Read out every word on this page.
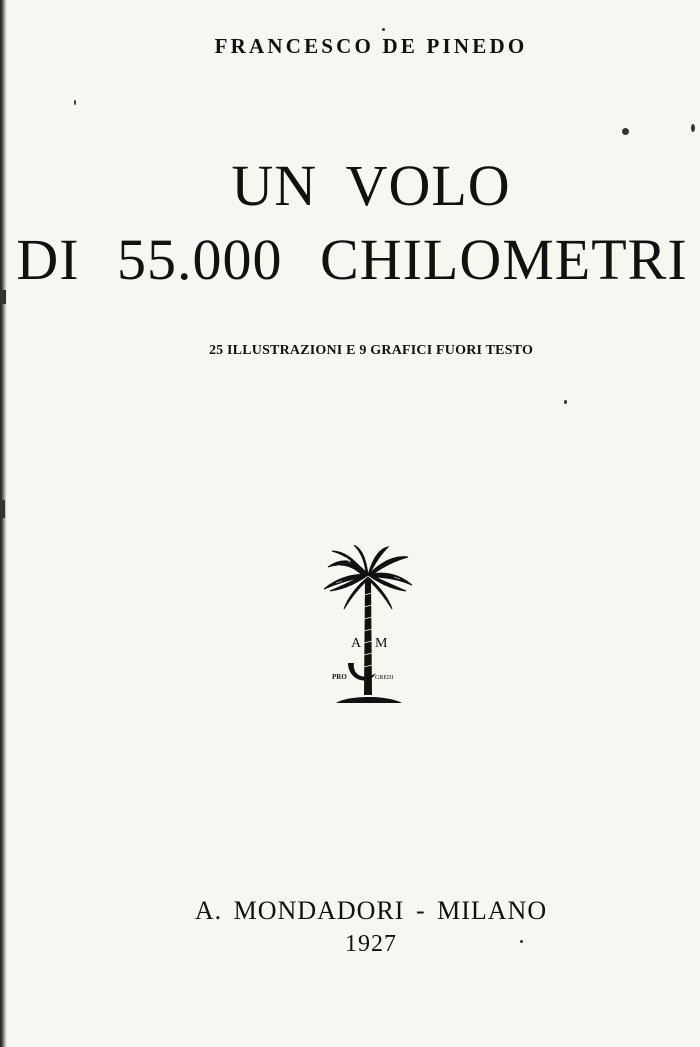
FRANCESCO DE PINEDO
UN VOLO
DI 55.000 CHILOMETRI
25 ILLUSTRAZIONI E 9 GRAFICI FUORI TESTO
A M
PRO	GREDI
A. MONDADORI - MILANO
1927
